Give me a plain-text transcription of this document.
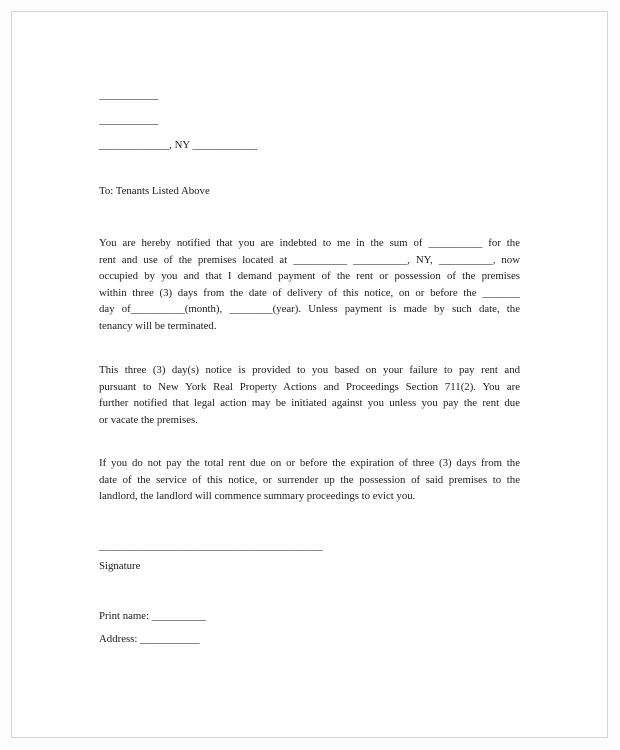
___________
___________
_____________, NY ____________
To: Tenants Listed Above
You are hereby notified that you are indebted to me in the sum of __________ for the
rent and use of the premises located at __________ __________, NY, __________, now
occupied by you and that I demand payment of the rent or possession of the premises
within three (3) days from the date of delivery of this notice, on or before the _______
day of__________(month), ________(year). Unless payment is made by such date, the
tenancy will be terminated.
This three (3) day(s) notice is provided to you based on your failure to pay rent and
pursuant to New York Real Property Actions and Proceedings Section 711(2). You are
further notified that legal action may be initiated against you unless you pay the rent due
or vacate the premises.
If you do not pay the total rent due on or before the expiration of three (3) days from the
date of the service of this notice, or surrender up the possession of said premises to the
landlord, the landlord will commence summary proceedings to evict you.
________________________________________
Signature
Print name: __________
Address: ___________
